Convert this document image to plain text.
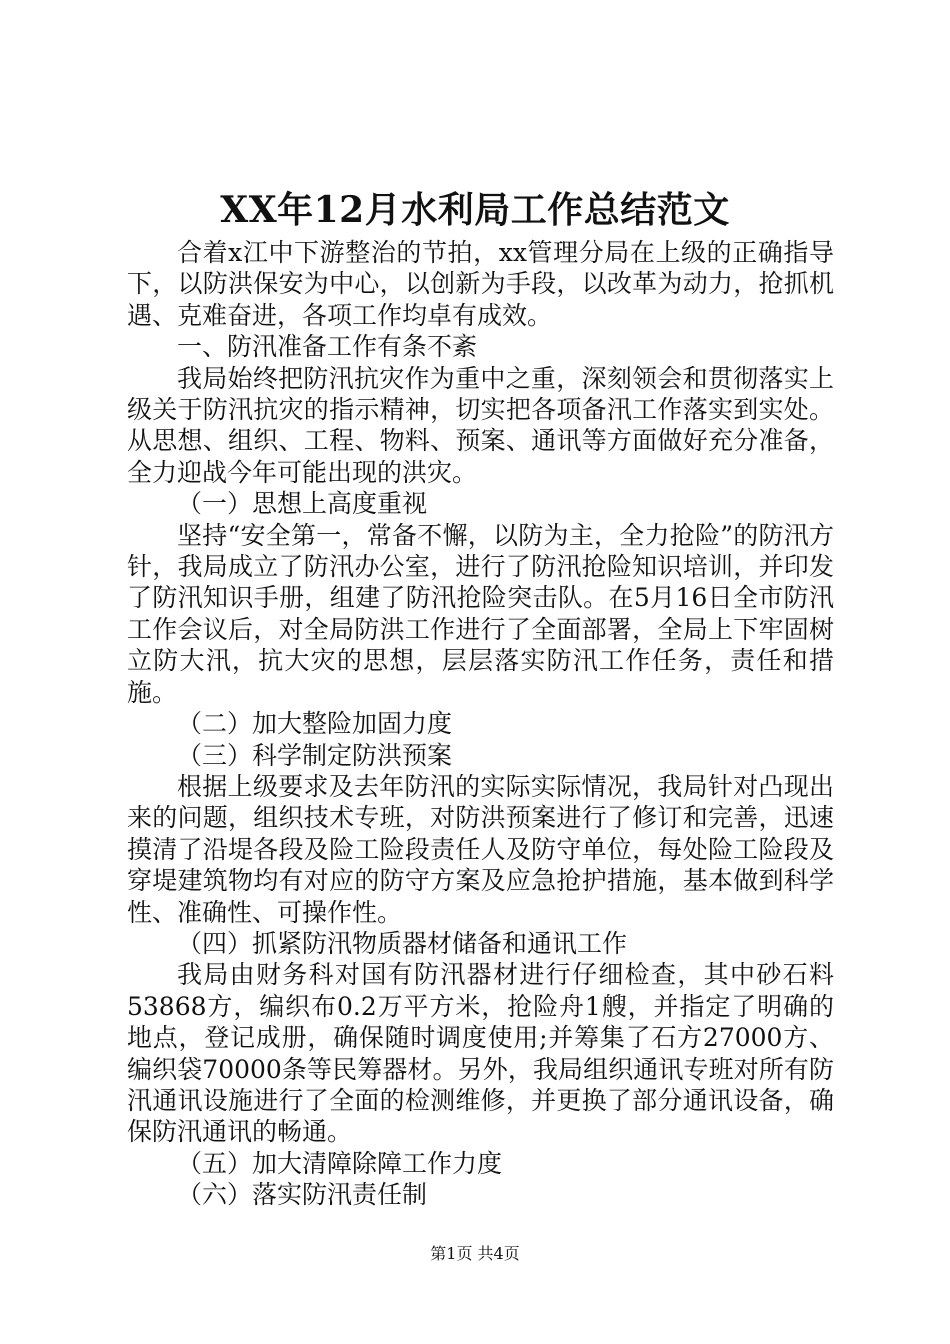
XX年12月水利局工作总结范文

合着x江中下游整治的节拍，xx管理分局在上级的正确指导下，以防洪保安为中心，以创新为手段，以改革为动力，抢抓机遇、克难奋进，各项工作均卓有成效。

一、防汛准备工作有条不紊

我局始终把防汛抗灾作为重中之重，深刻领会和贯彻落实上级关于防汛抗灾的指示精神，切实把各项备汛工作落实到实处。从思想、组织、工程、物料、预案、通讯等方面做好充分准备，全力迎战今年可能出现的洪灾。

（一）思想上高度重视

坚持“安全第一，常备不懈，以防为主，全力抢险”的防汛方针，我局成立了防汛办公室，进行了防汛抢险知识培训，并印发了防汛知识手册，组建了防汛抢险突击队。在5月16日全市防汛工作会议后，对全局防洪工作进行了全面部署，全局上下牢固树立防大汛，抗大灾的思想，层层落实防汛工作任务，责任和措施。

（二）加大整险加固力度

（三）科学制定防洪预案

根据上级要求及去年防汛的实际实际情况，我局针对凸现出来的问题，组织技术专班，对防洪预案进行了修订和完善，迅速摸清了沿堤各段及险工险段责任人及防守单位，每处险工险段及穿堤建筑物均有对应的防守方案及应急抢护措施，基本做到科学性、准确性、可操作性。

（四）抓紧防汛物质器材储备和通讯工作

我局由财务科对国有防汛器材进行仔细检查，其中砂石料53868方，编织布0.2万平方米，抢险舟1艘，并指定了明确的地点，登记成册，确保随时调度使用;并筹集了石方27000方、编织袋70000条等民筹器材。另外，我局组织通讯专班对所有防汛通讯设施进行了全面的检测维修，并更换了部分通讯设备，确保防汛通讯的畅通。

（五）加大清障除障工作力度

（六）落实防汛责任制

第1页 共4页
